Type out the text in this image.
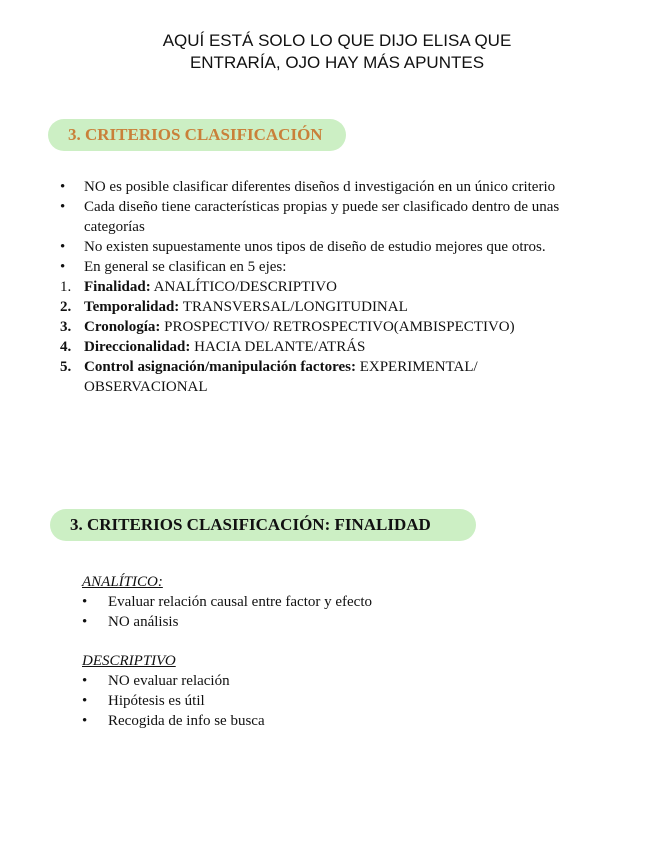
AQUÍ ESTÁ SOLO LO QUE DIJO ELISA QUE
ENTRARÍA, OJO HAY MÁS APUNTES
3. CRITERIOS CLASIFICACIÓN
•	NO es posible clasificar diferentes diseños d investigación en un único criterio
•	Cada diseño tiene características propias y puede ser clasificado dentro de unas categorías
•	No existen supuestamente unos tipos de diseño de estudio mejores que otros.
•	En general se clasifican en 5 ejes:
1. Finalidad: ANALÍTICO/DESCRIPTIVO
2. Temporalidad: TRANSVERSAL/LONGITUDINAL
3. Cronología: PROSPECTIVO/ RETROSPECTIVO(AMBISPECTIVO)
4. Direccionalidad: HACIA DELANTE/ATRÁS
5. Control asignación/manipulación factores: EXPERIMENTAL/ OBSERVACIONAL
3. CRITERIOS CLASIFICACIÓN: FINALIDAD
ANALÍTICO:
•	Evaluar relación causal entre factor y efecto
•	NO análisis
DESCRIPTIVO
•	NO evaluar relación
•	Hipótesis es útil
•	Recogida de info se busca
